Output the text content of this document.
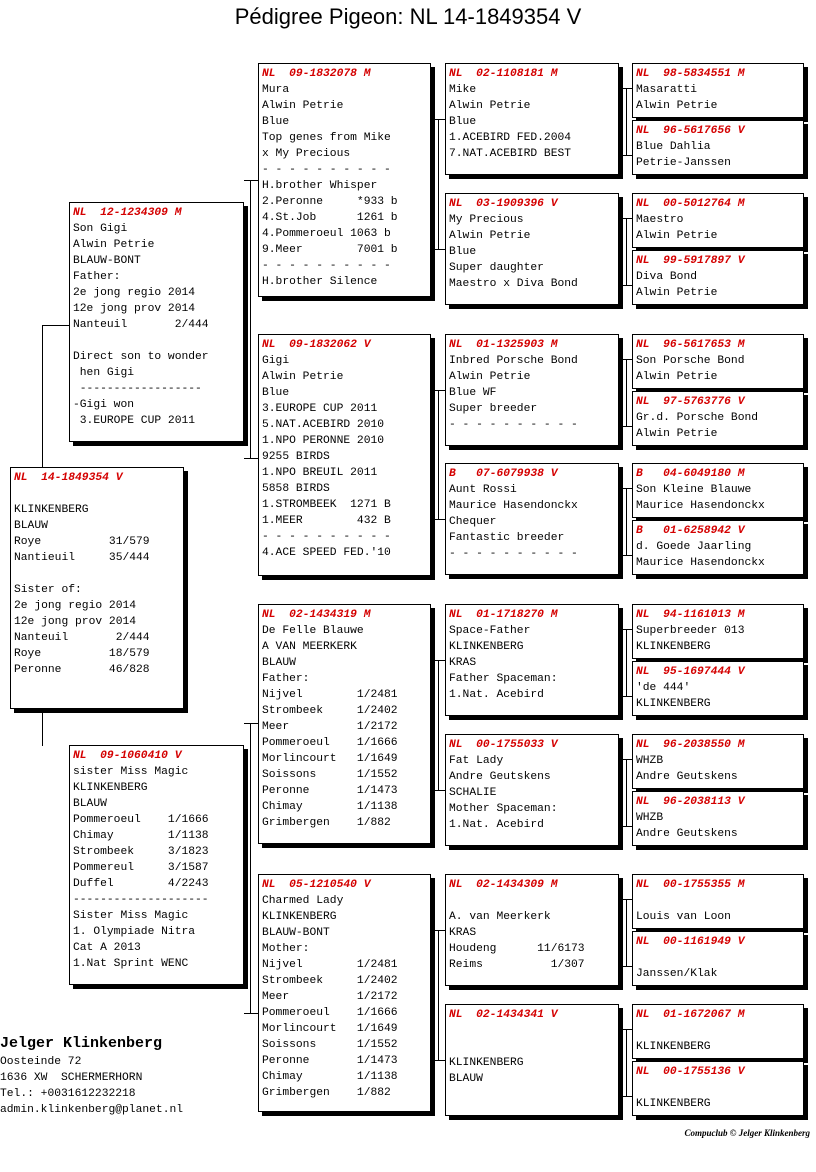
Pédigree Pigeon: NL 14-1849354 V
NL  14-1849354 V
KLINKENBERG
BLAUW
Roye          31/579
Nantieuil     35/444
Sister of:
2e jong regio 2014
12e jong prov 2014
Nanteuil       2/444
Roye          18/579
Peronne       46/828
NL  12-1234309 M
Son Gigi
Alwin Petrie
BLAUW-BONT
Father:
2e jong regio 2014
12e jong prov 2014
Nanteuil       2/444
Direct son to wonder
hen Gigi
------------------
-Gigi won
3.EUROPE CUP 2011
NL  09-1060410 V
sister Miss Magic
KLINKENBERG
BLAUW
Pommeroeul    1/1666
Chimay        1/1138
Strombeek     3/1823
Pommereul     3/1587
Duffel        4/2243
--------------------
Sister Miss Magic
1. Olympiade Nitra
Cat A 2013
1.Nat Sprint WENC
NL  09-1832078 M
Mura
Alwin Petrie
Blue
Top genes from Mike
x My Precious
- - - - - - - - - -
H.brother Whisper
2.Peronne     *933 b
4.St.Job      1261 b
4.Pommeroeul 1063 b
9.Meer        7001 b
- - - - - - - - - -
H.brother Silence
NL  09-1832062 V
Gigi
Alwin Petrie
Blue
3.EUROPE CUP 2011
5.NAT.ACEBIRD 2010
1.NPO PERONNE 2010
9255 BIRDS
1.NPO BREUIL 2011
5858 BIRDS
1.STROMBEEK  1271 B
1.MEER        432 B
- - - - - - - - - -
4.ACE SPEED FED.'10
NL  02-1434319 M
De Felle Blauwe
A VAN MEERKERK
BLAUW
Father:
Nijvel        1/2481
Strombeek     1/2402
Meer          1/2172
Pommeroeul    1/1666
Morlincourt   1/1649
Soissons      1/1552
Peronne       1/1473
Chimay        1/1138
Grimbergen    1/882
NL  05-1210540 V
Charmed Lady
KLINKENBERG
BLAUW-BONT
Mother:
Nijvel        1/2481
Strombeek     1/2402
Meer          1/2172
Pommeroeul    1/1666
Morlincourt   1/1649
Soissons      1/1552
Peronne       1/1473
Chimay        1/1138
Grimbergen    1/882
NL  02-1108181 M
Mike
Alwin Petrie
Blue
1.ACEBIRD FED.2004
7.NAT.ACEBIRD BEST
NL  03-1909396 V
My Precious
Alwin Petrie
Blue
Super daughter
Maestro x Diva Bond
NL  01-1325903 M
Inbred Porsche Bond
Alwin Petrie
Blue WF
Super breeder
- - - - - - - - - -
B   07-6079938 V
Aunt Rossi
Maurice Hasendonckx
Chequer
Fantastic breeder
- - - - - - - - - -
NL  01-1718270 M
Space-Father
KLINKENBERG
KRAS
Father Spaceman:
1.Nat. Acebird
NL  00-1755033 V
Fat Lady
Andre Geutskens
SCHALIE
Mother Spaceman:
1.Nat. Acebird
NL  02-1434309 M
A. van Meerkerk
KRAS
Houdeng      11/6173
Reims          1/307
NL  02-1434341 V
KLINKENBERG
BLAUW
NL  98-5834551 M
Masaratti
Alwin Petrie
NL  96-5617656 V
Blue Dahlia
Petrie-Janssen
NL  00-5012764 M
Maestro
Alwin Petrie
NL  99-5917897 V
Diva Bond
Alwin Petrie
NL  96-5617653 M
Son Porsche Bond
Alwin Petrie
NL  97-5763776 V
Gr.d. Porsche Bond
Alwin Petrie
B   04-6049180 M
Son Kleine Blauwe
Maurice Hasendonckx
B   01-6258942 V
d. Goede Jaarling
Maurice Hasendonckx
NL  94-1161013 M
Superbreeder 013
KLINKENBERG
NL  95-1697444 V
'de 444'
KLINKENBERG
NL  96-2038550 M
WHZB
Andre Geutskens
NL  96-2038113 V
WHZB
Andre Geutskens
NL  00-1755355 M
Louis van Loon
NL  00-1161949 V
Janssen/Klak
NL  01-1672067 M
KLINKENBERG
NL  00-1755136 V
KLINKENBERG
Jelger Klinkenberg
Oosteinde 72
1636 XW  SCHERMERHORN
Tel.: +0031612232218
admin.klinkenberg@planet.nl
Compuclub © Jelger Klinkenberg
